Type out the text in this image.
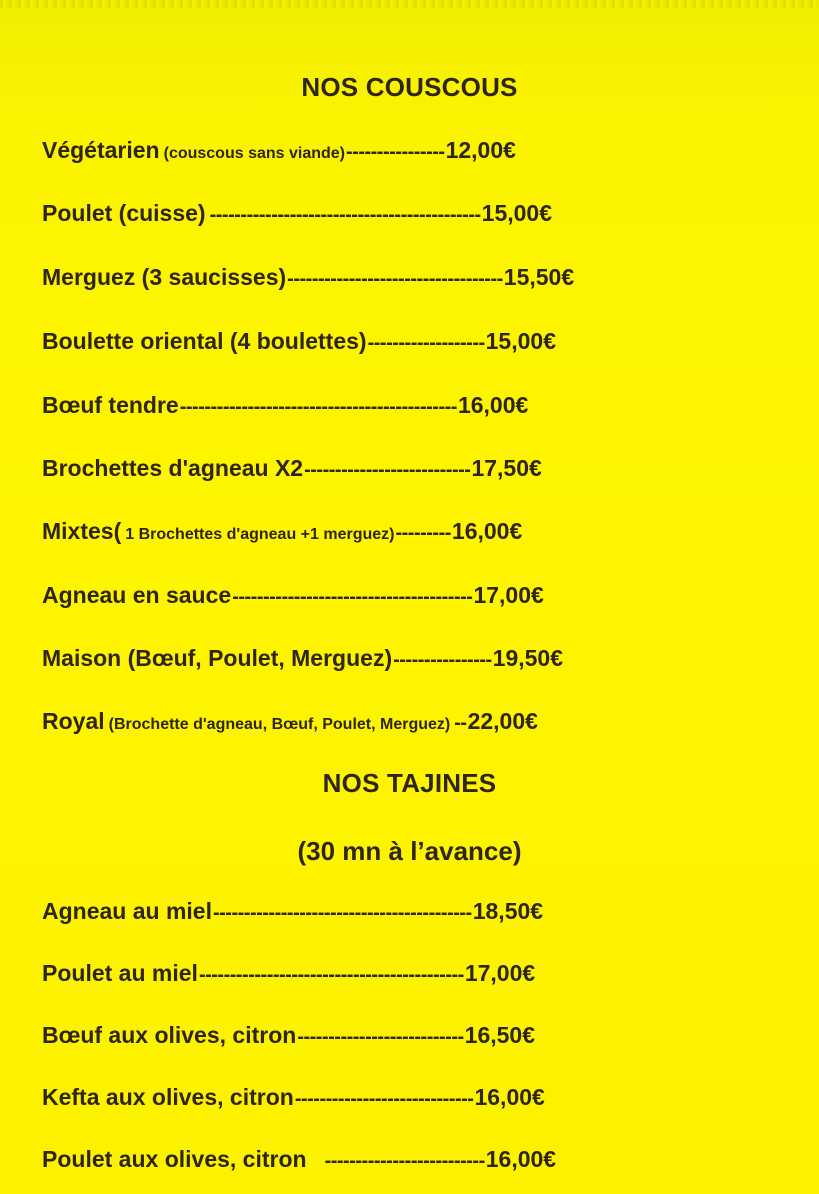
NOS COUSCOUS
Végétarien (couscous sans viande) ---------------- 12,00€
Poulet (cuisse) -------------------------------------------- 15,00€
Merguez (3 saucisses) ----------------------------------- 15,50€
Boulette oriental (4 boulettes) ------------------- 15,00€
Bœuf tendre --------------------------------------------- 16,00€
Brochettes d'agneau X2 --------------------------- 17,50€
Mixtes( 1 Brochettes d'agneau +1 merguez) --------- 16,00€
Agneau en sauce --------------------------------------- 17,00€
Maison (Bœuf, Poulet, Merguez) ---------------- 19,50€
Royal (Brochette d'agneau, Bœuf, Poulet, Merguez) -- 22,00€
NOS TAJINES
(30 mn à l’avance)
Agneau au miel ------------------------------------------ 18,50€
Poulet au miel ------------------------------------------- 17,00€
Bœuf aux olives, citron --------------------------- 16,50€
Kefta aux olives, citron ----------------------------- 16,00€
Poulet aux olives, citron -------------------------- 16,00€
